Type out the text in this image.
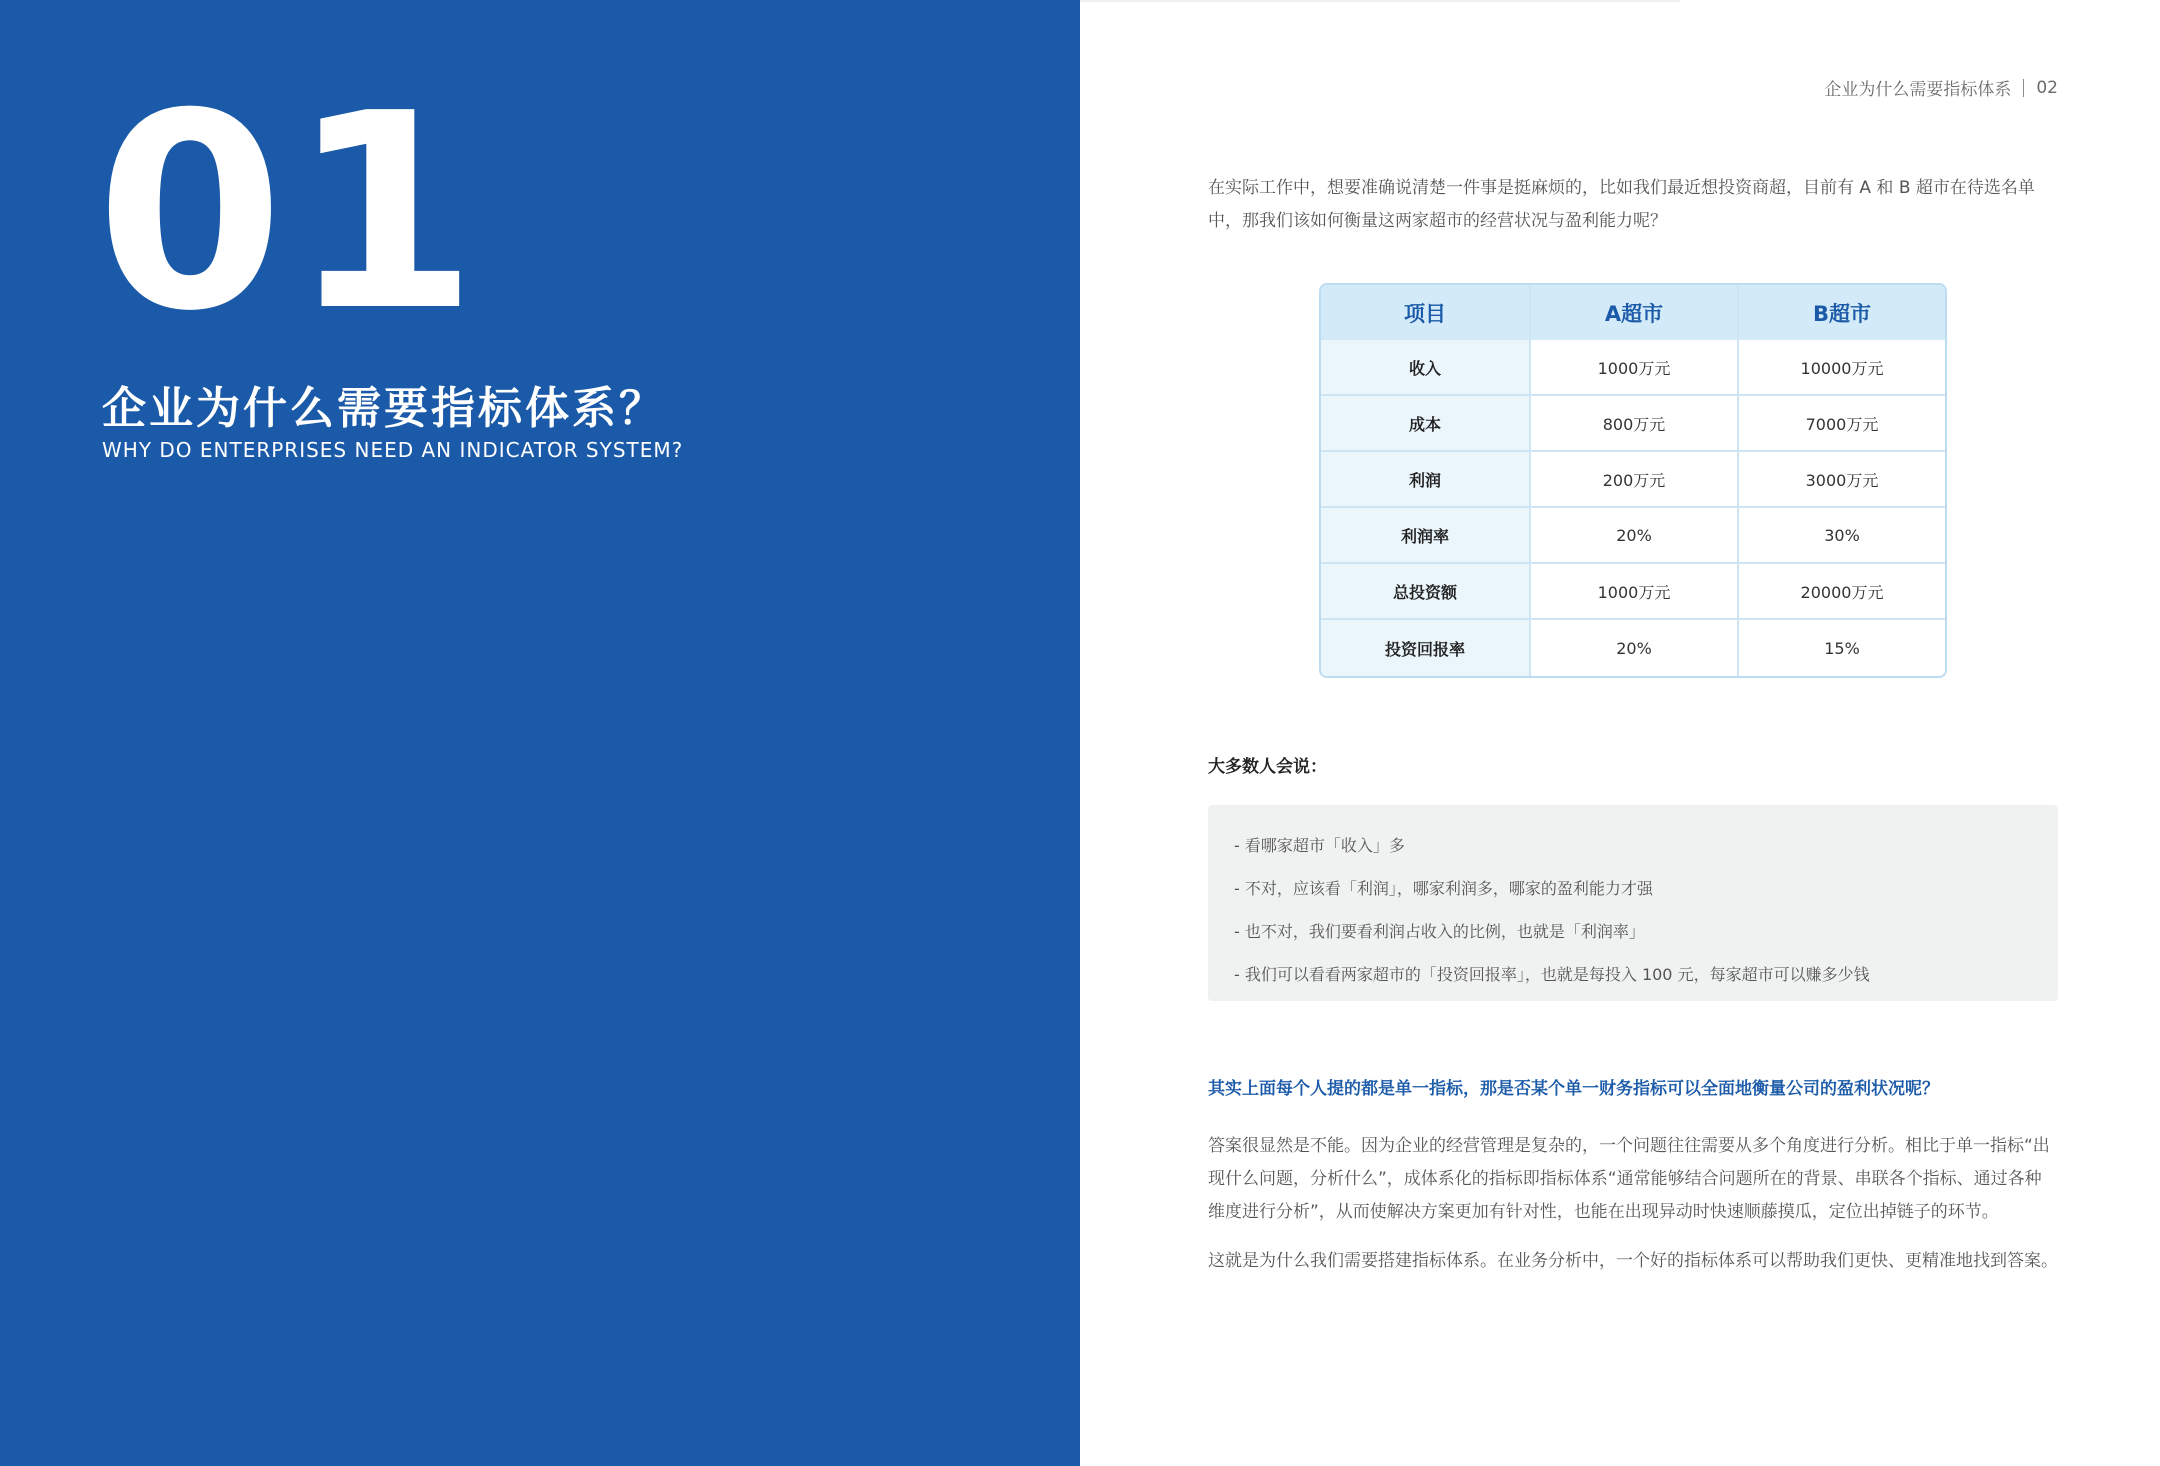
01
企业为什么需要指标体系？
WHY DO ENTERPRISES NEED AN INDICATOR SYSTEM?
企业为什么需要指标体系 02

在实际工作中，想要准确说清楚一件事是挺麻烦的，比如我们最近想投资商超，目前有 A 和 B 超市在待选名单中，那我们该如何衡量这两家超市的经营状况与盈利能力呢？

项目	A超市	B超市
收入	1000万元	10000万元
成本	800万元	7000万元
利润	200万元	3000万元
利润率	20%	30%
总投资额	1000万元	20000万元
投资回报率	20%	15%
大多数人会说：
- 看哪家超市「收入」多
- 不对，应该看「利润」，哪家利润多，哪家的盈利能力才强
- 也不对，我们要看利润占收入的比例，也就是「利润率」
- 我们可以看看两家超市的「投资回报率」，也就是每投入 100 元，每家超市可以赚多少钱
其实上面每个人提的都是单一指标，那是否某个单一财务指标可以全面地衡量公司的盈利状况呢？

答案很显然是不能。因为企业的经营管理是复杂的，一个问题往往需要从多个角度进行分析。相比于单一指标“出现什么问题，分析什么”，成体系化的指标即指标体系“通常能够结合问题所在的背景、串联各个指标、通过各种维度进行分析”，从而使解决方案更加有针对性，也能在出现异动时快速顺藤摸瓜，定位出掉链子的环节。

这就是为什么我们需要搭建指标体系。在业务分析中，一个好的指标体系可以帮助我们更快、更精准地找到答案。
